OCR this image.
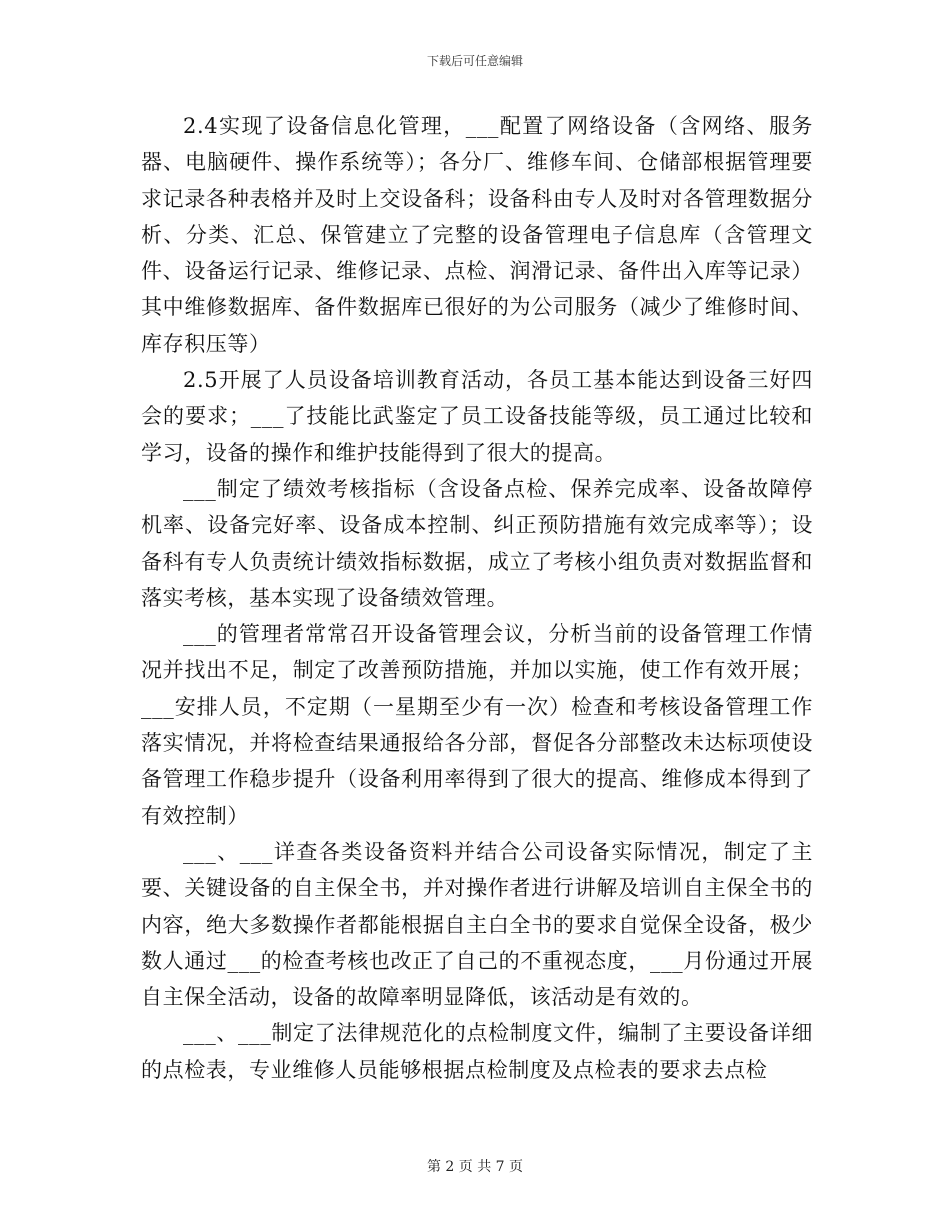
下载后可任意编辑

2.4实现了设备信息化管理，___配置了网络设备（含网络、服务器、电脑硬件、操作系统等）；各分厂、维修车间、仓储部根据管理要求记录各种表格并及时上交设备科；设备科由专人及时对各管理数据分析、分类、汇总、保管建立了完整的设备管理电子信息库（含管理文件、设备运行记录、维修记录、点检、润滑记录、备件出入库等记录）其中维修数据库、备件数据库已很好的为公司服务（减少了维修时间、库存积压等）

2.5开展了人员设备培训教育活动，各员工基本能达到设备三好四会的要求；___了技能比武鉴定了员工设备技能等级，员工通过比较和学习，设备的操作和维护技能得到了很大的提高。

___制定了绩效考核指标（含设备点检、保养完成率、设备故障停机率、设备完好率、设备成本控制、纠正预防措施有效完成率等）；设备科有专人负责统计绩效指标数据，成立了考核小组负责对数据监督和落实考核，基本实现了设备绩效管理。

___的管理者常常召开设备管理会议，分析当前的设备管理工作情况并找出不足，制定了改善预防措施，并加以实施，使工作有效开展；___安排人员，不定期（一星期至少有一次）检查和考核设备管理工作落实情况，并将检查结果通报给各分部，督促各分部整改未达标项使设备管理工作稳步提升（设备利用率得到了很大的提高、维修成本得到了有效控制）

___、___详查各类设备资料并结合公司设备实际情况，制定了主要、关键设备的自主保全书，并对操作者进行讲解及培训自主保全书的内容，绝大多数操作者都能根据自主白全书的要求自觉保全设备，极少数人通过___的检查考核也改正了自己的不重视态度，___月份通过开展自主保全活动，设备的故障率明显降低，该活动是有效的。

___、___制定了法律规范化的点检制度文件，编制了主要设备详细的点检表，专业维修人员能够根据点检制度及点检表的要求去点检

第 2 页 共 7 页
